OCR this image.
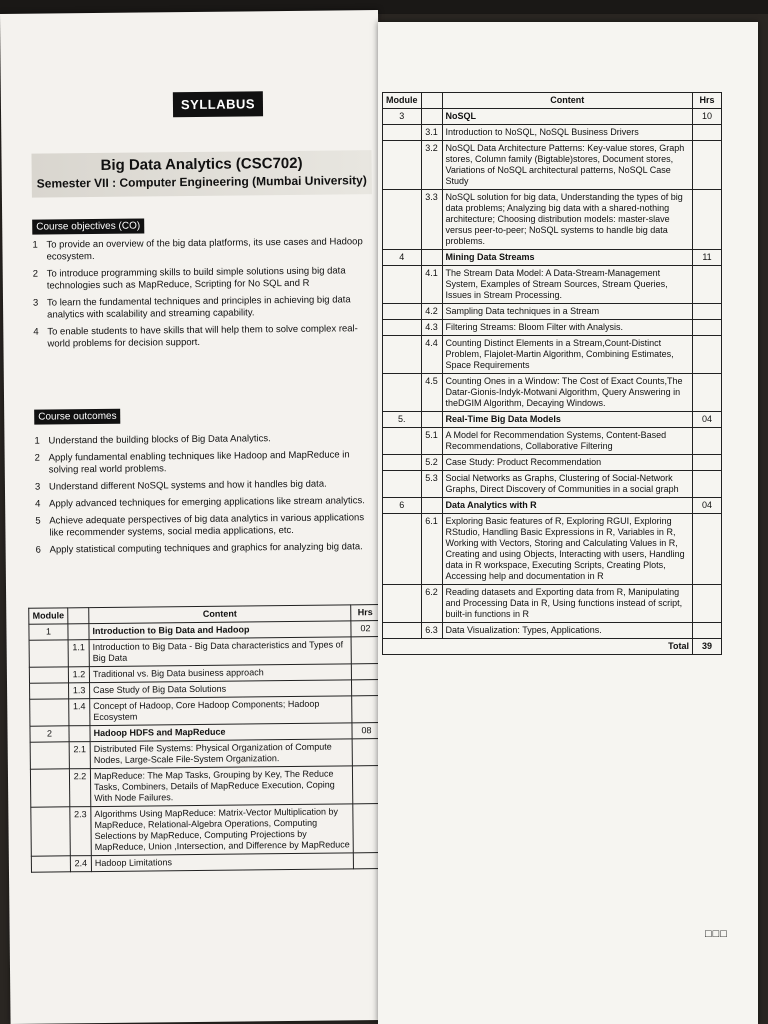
SYLLABUS
Big Data Analytics (CSC702)
Semester VII : Computer Engineering (Mumbai University)
Course objectives (CO)
1 To provide an overview of the big data platforms, its use cases and Hadoop ecosystem.
2 To introduce programming skills to build simple solutions using big data technologies such as MapReduce, Scripting for No SQL and R
3 To learn the fundamental techniques and principles in achieving big data analytics with scalability and streaming capability.
4 To enable students to have skills that will help them to solve complex real-world problems for decision support.
Course outcomes
1 Understand the building blocks of Big Data Analytics.
2 Apply fundamental enabling techniques like Hadoop and MapReduce in solving real world problems.
3 Understand different NoSQL systems and how it handles big data.
4 Apply advanced techniques for emerging applications like stream analytics.
5 Achieve adequate perspectives of big data analytics in various applications like recommender systems, social media applications, etc.
6 Apply statistical computing techniques and graphics for analyzing big data.
Module		Content	Hrs
1		Introduction to Big Data and Hadoop	02
	1.1	Introduction to Big Data - Big Data characteristics and Types of Big Data	
	1.2	Traditional vs. Big Data business approach	
	1.3	Case Study of Big Data Solutions	
	1.4	Concept of Hadoop, Core Hadoop Components; Hadoop Ecosystem	
2		Hadoop HDFS and MapReduce	08
	2.1	Distributed File Systems: Physical Organization of Compute Nodes, Large-Scale File-System Organization.	
	2.2	MapReduce: The Map Tasks, Grouping by Key, The Reduce Tasks, Combiners, Details of MapReduce Execution, Coping With Node Failures.	
	2.3	Algorithms Using MapReduce: Matrix-Vector Multiplication by MapReduce, Relational-Algebra Operations, Computing Selections by MapReduce, Computing Projections by MapReduce, Union ,Intersection, and Difference by MapReduce	
	2.4	Hadoop Limitations	
Module		Content	Hrs
3		NoSQL	10
	3.1	Introduction to NoSQL, NoSQL Business Drivers	
	3.2	NoSQL Data Architecture Patterns: Key-value stores, Graph stores, Column family (Bigtable)stores, Document stores, Variations of NoSQL architectural patterns, NoSQL Case Study	
	3.3	NoSQL solution for big data, Understanding the types of big data problems; Analyzing big data with a shared-nothing architecture; Choosing distribution models: master-slave versus peer-to-peer; NoSQL systems to handle big data problems.	
4		Mining Data Streams	11
	4.1	The Stream Data Model: A Data-Stream-Management System, Examples of Stream Sources, Stream Queries, Issues in Stream Processing.	
	4.2	Sampling Data techniques in a Stream	
	4.3	Filtering Streams: Bloom Filter with Analysis.	
	4.4	Counting Distinct Elements in a Stream,Count-Distinct Problem, Flajolet-Martin Algorithm, Combining Estimates, Space Requirements	
	4.5	Counting Ones in a Window: The Cost of Exact Counts,The Datar-Gionis-Indyk-Motwani Algorithm, Query Answering in theDGIM Algorithm, Decaying Windows.	
5.		Real-Time Big Data Models	04
	5.1	A Model for Recommendation Systems, Content-Based Recommendations, Collaborative Filtering	
	5.2	Case Study: Product Recommendation	
	5.3	Social Networks as Graphs, Clustering of Social-Network Graphs, Direct Discovery of Communities in a social graph	
6		Data Analytics with R	04
	6.1	Exploring Basic features of R, Exploring RGUI, Exploring RStudio, Handling Basic Expressions in R, Variables in R, Working with Vectors, Storing and Calculating Values in R, Creating and using Objects, Interacting with users, Handling data in R workspace, Executing Scripts, Creating Plots, Accessing help and documentation in R	
	6.2	Reading datasets and Exporting data from R, Manipulating and Processing Data in R, Using functions instead of script, built-in functions in R	
	6.3	Data Visualization: Types, Applications.	
Total			39
□□□
